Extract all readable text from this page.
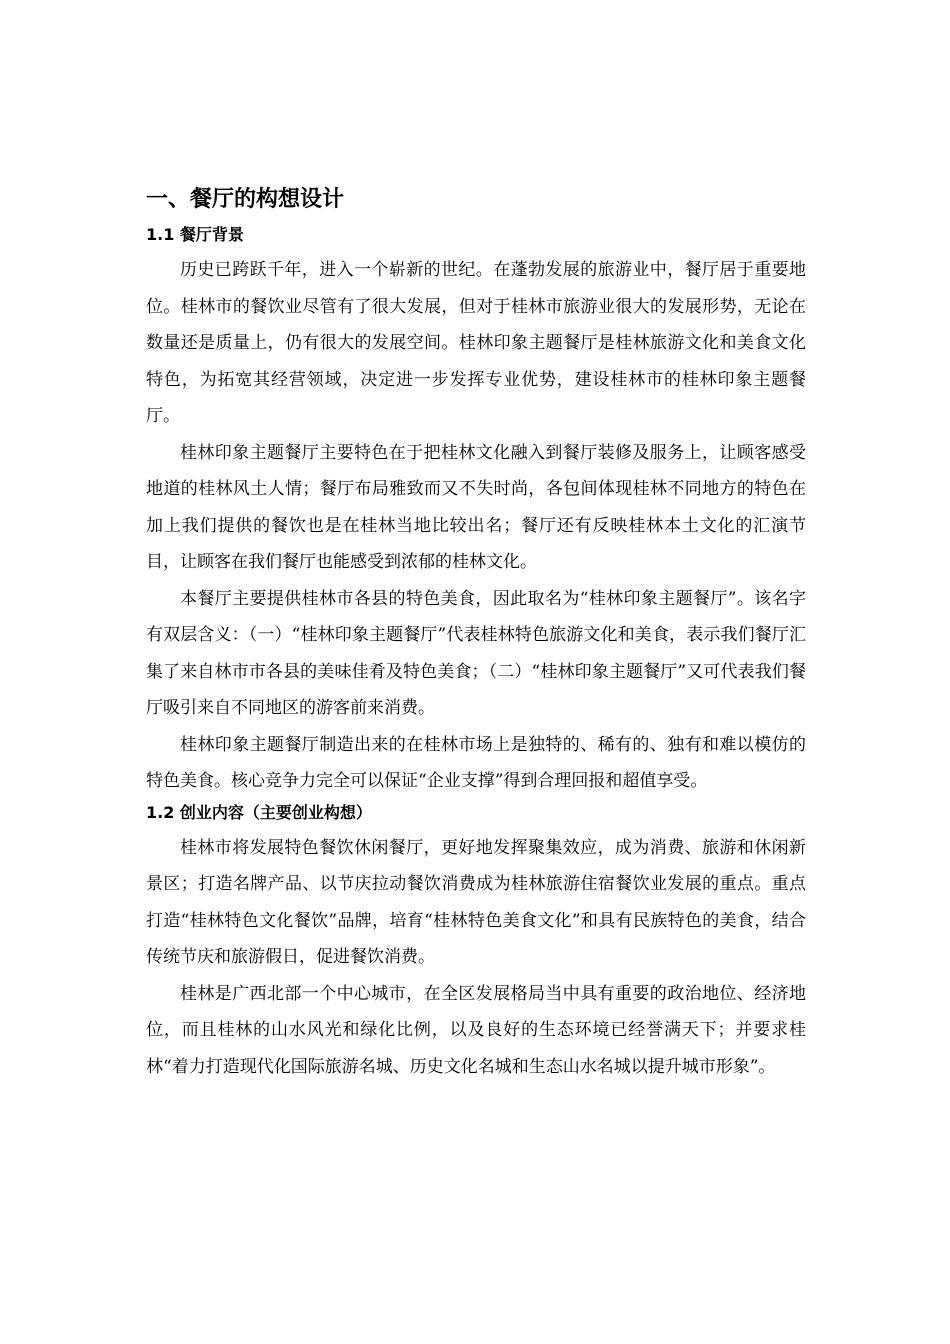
一、餐厅的构想设计
1.1 餐厅背景

历史已跨跃千年，进入一个崭新的世纪。在蓬勃发展的旅游业中，餐厅居于重要地位。桂林市的餐饮业尽管有了很大发展，但对于桂林市旅游业很大的发展形势，无论在数量还是质量上，仍有很大的发展空间。桂林印象主题餐厅是桂林旅游文化和美食文化特色，为拓宽其经营领域，决定进一步发挥专业优势，建设桂林市的桂林印象主题餐厅。

桂林印象主题餐厅主要特色在于把桂林文化融入到餐厅装修及服务上，让顾客感受地道的桂林风土人情；餐厅布局雅致而又不失时尚，各包间体现桂林不同地方的特色在加上我们提供的餐饮也是在桂林当地比较出名；餐厅还有反映桂林本土文化的汇演节目，让顾客在我们餐厅也能感受到浓郁的桂林文化。

本餐厅主要提供桂林市各县的特色美食，因此取名为“桂林印象主题餐厅”。该名字有双层含义：（一）“桂林印象主题餐厅”代表桂林特色旅游文化和美食，表示我们餐厅汇集了来自林市市各县的美味佳肴及特色美食；（二）“桂林印象主题餐厅”又可代表我们餐厅吸引来自不同地区的游客前来消费。

桂林印象主题餐厅制造出来的在桂林市场上是独特的、稀有的、独有和难以模仿的特色美食。核心竞争力完全可以保证“企业支撑”得到合理回报和超值享受。

1.2 创业内容（主要创业构想）

桂林市将发展特色餐饮休闲餐厅，更好地发挥聚集效应，成为消费、旅游和休闲新景区；打造名牌产品、以节庆拉动餐饮消费成为桂林旅游住宿餐饮业发展的重点。重点打造“桂林特色文化餐饮”品牌，培育“桂林特色美食文化”和具有民族特色的美食，结合传统节庆和旅游假日，促进餐饮消费。

桂林是广西北部一个中心城市，在全区发展格局当中具有重要的政治地位、经济地位，而且桂林的山水风光和绿化比例，以及良好的生态环境已经誉满天下；并要求桂林“着力打造现代化国际旅游名城、历史文化名城和生态山水名城以提升城市形象”。
